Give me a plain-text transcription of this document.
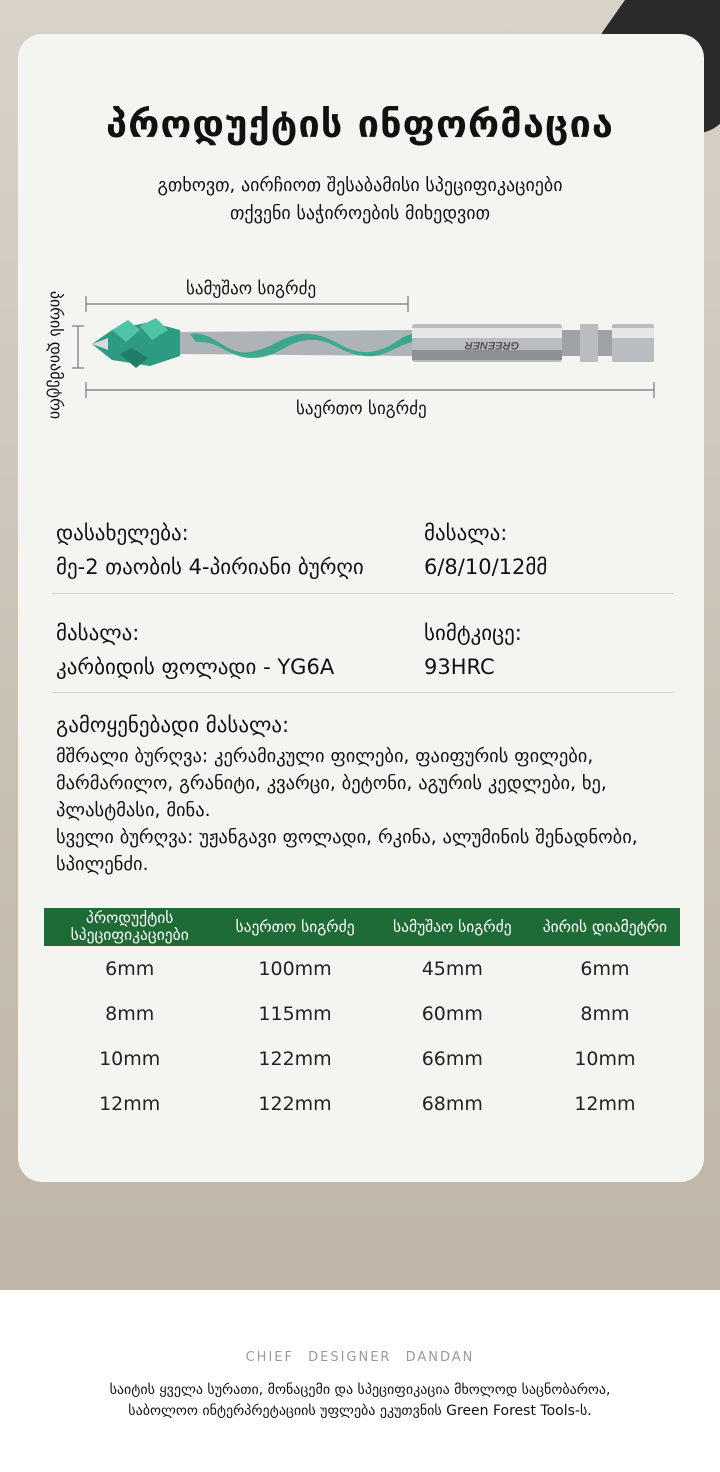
პროდუქტის ინფორმაცია
გთხოვთ, აირჩიოთ შესაბამისი სპეციფიკაციები
თქვენი საჭიროების მიხედვით
სამუშაო სიგრძე
საერთო სიგრძე
პირის დიამეტრი	GREENER
დასახელება:
მე-2 თაობის 4-პირიანი ბურღი
მასალა:
6/8/10/12მმ
მასალა:
კარბიდის ფოლადი - YG6A
სიმტკიცე:
93HRC
გამოყენებადი მასალა:
მშრალი ბურღვა: კერამიკული ფილები, ფაიფურის ფილები,
მარმარილო, გრანიტი, კვარცი, ბეტონი, აგურის კედლები, ხე,
პლასტმასი, მინა.
სველი ბურღვა: უჟანგავი ფოლადი, რკინა, ალუმინის შენადნობი,
სპილენძი.
პროდუქტის სპეციფიკაციები	საერთო სიგრძე	სამუშაო სიგრძე	პირის დიამეტრი
6mm	100mm	45mm	6mm
8mm	115mm	60mm	8mm
10mm	122mm	66mm	10mm
12mm	122mm	68mm	12mm
CHIEF DESIGNER DANDAN
საიტის ყველა სურათი, მონაცემი და სპეციფიკაცია მხოლოდ საცნობაროა,
საბოლოო ინტერპრეტაციის უფლება ეკუთვნის Green Forest Tools-ს.
